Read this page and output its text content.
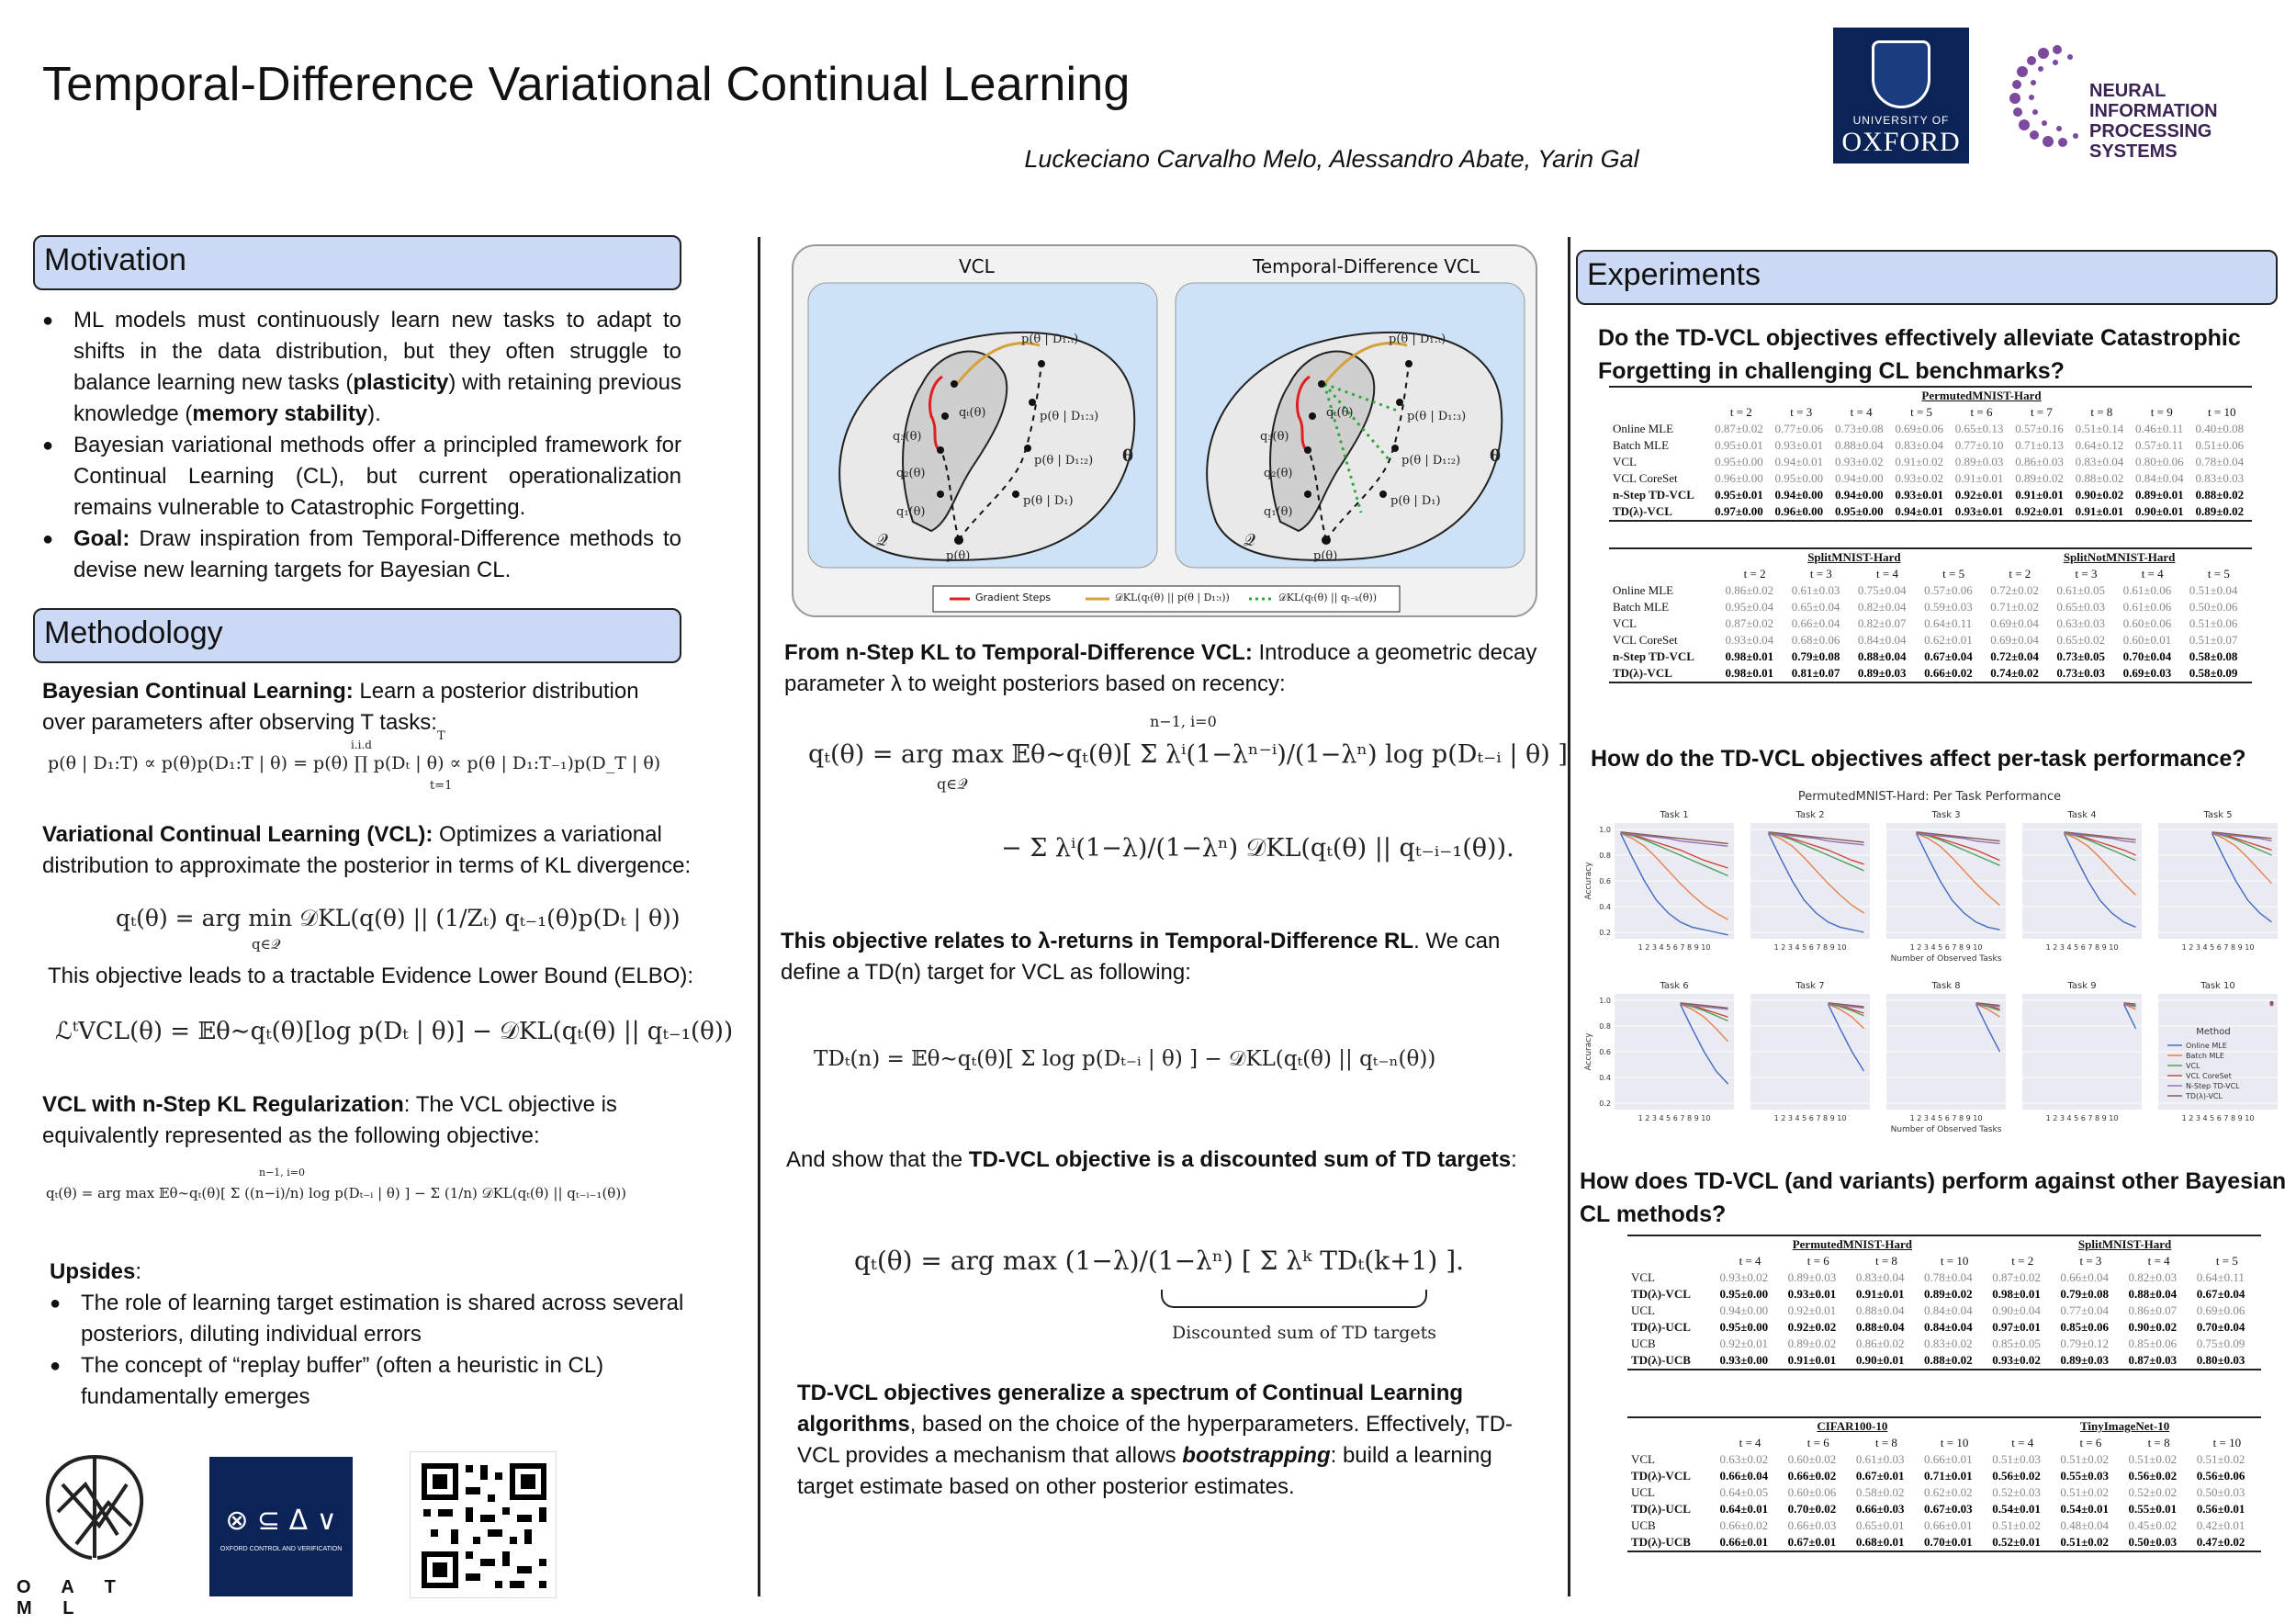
Temporal-Difference Variational Continual Learning
Luckeciano Carvalho Melo, Alessandro Abate, Yarin Gal
UNIVERSITY OF
OXFORD
NEURAL INFORMATION
PROCESSING SYSTEMS
Motivation
● ML models must continuously learn new tasks to adapt to shifts in the data distribution, but they often struggle to balance learning new tasks (plasticity) with retaining previous knowledge (memory stability).
● Bayesian variational methods offer a principled framework for Continual Learning (CL), but current operationalization remains vulnerable to Catastrophic Forgetting.
● Goal: Draw inspiration from Temporal-Difference methods to devise new learning targets for Bayesian CL.
Methodology
Bayesian Continual Learning: Learn a posterior distribution over parameters after observing T tasks:
p(θ | D₁:T) ∝ p(θ)p(D₁:T | θ) = p(θ) ∏ p(Dₜ | θ) ∝ p(θ | D₁:T₋₁)p(D_T | θ)
i.i.d
T
t=1
Variational Continual Learning (VCL): Optimizes a variational distribution to approximate the posterior in terms of KL divergence:
qₜ(θ) = arg min 𝒟KL(q(θ) || (1/Zₜ) qₜ₋₁(θ)p(Dₜ | θ))
q∈𝒬
This objective leads to a tractable Evidence Lower Bound (ELBO):
ℒᵗVCL(θ) = 𝔼θ∼qₜ(θ)[log p(Dₜ | θ)] − 𝒟KL(qₜ(θ) || qₜ₋₁(θ))
VCL with n-Step KL Regularization: The VCL objective is equivalently represented as the following objective:
qₜ(θ) = arg max 𝔼θ∼qₜ(θ)[ Σ ((n−i)/n) log p(Dₜ₋ᵢ | θ) ] − Σ (1/n) 𝒟KL(qₜ(θ) || qₜ₋ᵢ₋₁(θ))
n−1, i=0
Upsides:
● The role of learning target estimation is shared across several posteriors, diluting individual errors
● The concept of “replay buffer” (often a heuristic in CL) fundamentally emerges
O A T M L
⊗ ⊆ Δ ∨
OXFORD CONTROL AND VERIFICATION
VCL	Temporal-Difference VCL
qₜ(θ)
q₃(θ)
q₂(θ)
q₁(θ)
p(θ)
p(θ | D₁)
p(θ | D₁:₂)
p(θ | D₁:₃)
p(θ | D₁:ₜ)
θ
𝒬
qₜ(θ)
q₃(θ)
q₂(θ)
q₁(θ)
p(θ)
p(θ | D₁)
p(θ | D₁:₂)
p(θ | D₁:₃)
p(θ | D₁:ₜ)
θ
𝒬
Gradient Steps	𝒟KL(qₜ(θ) || p(θ | D₁:ₜ))	𝒟KL(qₜ(θ) || qₜ₋ₖ(θ))
From n-Step KL to Temporal-Difference VCL: Introduce a geometric decay parameter λ to weight posteriors based on recency:
qₜ(θ) = arg max 𝔼θ∼qₜ(θ)[ Σ λⁱ(1−λⁿ⁻ⁱ)/(1−λⁿ) log p(Dₜ₋ᵢ | θ) ]
q∈𝒬
n−1, i=0
− Σ λⁱ(1−λ)/(1−λⁿ) 𝒟KL(qₜ(θ) || qₜ₋ᵢ₋₁(θ)).
This objective relates to λ-returns in Temporal-Difference RL. We can define a TD(n) target for VCL as following:
TDₜ(n) = 𝔼θ∼qₜ(θ)[ Σ log p(Dₜ₋ᵢ | θ) ] − 𝒟KL(qₜ(θ) || qₜ₋ₙ(θ))
And show that the TD-VCL objective is a discounted sum of TD targets:
qₜ(θ) = arg max (1−λ)/(1−λⁿ) [ Σ λᵏ TDₜ(k+1) ].
Discounted sum of TD targets
TD-VCL objectives generalize a spectrum of Continual Learning algorithms, based on the choice of the hyperparameters. Effectively, TD-VCL provides a mechanism that allows bootstrapping: build a learning target estimate based on other posterior estimates.
Experiments
Do the TD-VCL objectives effectively alleviate Catastrophic Forgetting in challenging CL benchmarks?
	PermutedMNIST-Hard								
	t = 2	t = 3	t = 4	t = 5	t = 6	t = 7	t = 8	t = 9	t = 10
Online MLE	0.87±0.02	0.77±0.06	0.73±0.08	0.69±0.06	0.65±0.13	0.57±0.16	0.51±0.14	0.46±0.11	0.40±0.08
Batch MLE	0.95±0.01	0.93±0.01	0.88±0.04	0.83±0.04	0.77±0.10	0.71±0.13	0.64±0.12	0.57±0.11	0.51±0.06
VCL	0.95±0.00	0.94±0.01	0.93±0.02	0.91±0.02	0.89±0.03	0.86±0.03	0.83±0.04	0.80±0.06	0.78±0.04
VCL CoreSet	0.96±0.00	0.95±0.00	0.94±0.00	0.93±0.02	0.91±0.01	0.89±0.02	0.88±0.02	0.84±0.04	0.83±0.03
n-Step TD-VCL	0.95±0.01	0.94±0.00	0.94±0.00	0.93±0.01	0.92±0.01	0.91±0.01	0.90±0.02	0.89±0.01	0.88±0.02
TD(λ)-VCL	0.97±0.00	0.96±0.00	0.95±0.00	0.94±0.01	0.93±0.01	0.92±0.01	0.91±0.01	0.90±0.01	0.89±0.02
	SplitMNIST-Hard				SplitNotMNIST-Hard			
	t = 2	t = 3	t = 4	t = 5	t = 2	t = 3	t = 4	t = 5
Online MLE	0.86±0.02	0.61±0.03	0.75±0.04	0.57±0.06	0.72±0.02	0.61±0.05	0.61±0.06	0.51±0.04
Batch MLE	0.95±0.04	0.65±0.04	0.82±0.04	0.59±0.03	0.71±0.02	0.65±0.03	0.61±0.06	0.50±0.06
VCL	0.87±0.02	0.66±0.04	0.82±0.07	0.64±0.11	0.69±0.04	0.63±0.03	0.60±0.06	0.51±0.06
VCL CoreSet	0.93±0.04	0.68±0.06	0.84±0.04	0.62±0.01	0.69±0.04	0.65±0.02	0.60±0.01	0.51±0.07
n-Step TD-VCL	0.98±0.01	0.79±0.08	0.88±0.04	0.67±0.04	0.72±0.04	0.73±0.05	0.70±0.04	0.58±0.08
TD(λ)-VCL	0.98±0.01	0.81±0.07	0.89±0.03	0.66±0.02	0.74±0.02	0.73±0.03	0.69±0.03	0.58±0.09
How do the TD-VCL objectives affect per-task performance?
PermutedMNIST-Hard: Per Task Performance
Task 1
1 2 3 4 5 6 7 8 9 10
1.0
0.8
0.6
0.4
0.2
Accuracy
Task 2
1 2 3 4 5 6 7 8 9 10
Task 3
1 2 3 4 5 6 7 8 9 10
Number of Observed Tasks
Task 4
1 2 3 4 5 6 7 8 9 10
Task 5
1 2 3 4 5 6 7 8 9 10
Task 6
1 2 3 4 5 6 7 8 9 10
1.0
0.8
0.6
0.4
0.2
Accuracy
Task 7
1 2 3 4 5 6 7 8 9 10
Task 8
1 2 3 4 5 6 7 8 9 10
Number of Observed Tasks
Task 9
1 2 3 4 5 6 7 8 9 10
Task 10
1 2 3 4 5 6 7 8 9 10
Method
Online MLE
Batch MLE
VCL
VCL CoreSet
N-Step TD-VCL
TD(λ)-VCL
How does TD-VCL (and variants) perform against other Bayesian CL methods?
	PermutedMNIST-Hard				SplitMNIST-Hard			
	t = 4	t = 6	t = 8	t = 10	t = 2	t = 3	t = 4	t = 5
VCL	0.93±0.02	0.89±0.03	0.83±0.04	0.78±0.04	0.87±0.02	0.66±0.04	0.82±0.03	0.64±0.11
TD(λ)-VCL	0.95±0.00	0.93±0.01	0.91±0.01	0.89±0.02	0.98±0.01	0.79±0.08	0.88±0.04	0.67±0.04
UCL	0.94±0.00	0.92±0.01	0.88±0.04	0.84±0.04	0.90±0.04	0.77±0.04	0.86±0.07	0.69±0.06
TD(λ)-UCL	0.95±0.00	0.92±0.02	0.88±0.04	0.84±0.04	0.97±0.01	0.85±0.06	0.90±0.02	0.70±0.04
UCB	0.92±0.01	0.89±0.02	0.86±0.02	0.83±0.02	0.85±0.05	0.79±0.12	0.85±0.06	0.75±0.09
TD(λ)-UCB	0.93±0.00	0.91±0.01	0.90±0.01	0.88±0.02	0.93±0.02	0.89±0.03	0.87±0.03	0.80±0.03
	CIFAR100-10				TinyImageNet-10			
	t = 4	t = 6	t = 8	t = 10	t = 4	t = 6	t = 8	t = 10
VCL	0.63±0.02	0.60±0.02	0.61±0.03	0.66±0.01	0.51±0.03	0.51±0.02	0.51±0.02	0.51±0.02
TD(λ)-VCL	0.66±0.04	0.66±0.02	0.67±0.01	0.71±0.01	0.56±0.02	0.55±0.03	0.56±0.02	0.56±0.06
UCL	0.64±0.05	0.60±0.06	0.58±0.02	0.62±0.02	0.52±0.03	0.51±0.02	0.52±0.02	0.50±0.03
TD(λ)-UCL	0.64±0.01	0.70±0.02	0.66±0.03	0.67±0.03	0.54±0.01	0.54±0.01	0.55±0.01	0.56±0.01
UCB	0.66±0.02	0.66±0.03	0.65±0.01	0.66±0.01	0.51±0.02	0.48±0.04	0.45±0.02	0.42±0.01
TD(λ)-UCB	0.66±0.01	0.67±0.01	0.68±0.01	0.70±0.01	0.52±0.01	0.51±0.02	0.50±0.03	0.47±0.02
